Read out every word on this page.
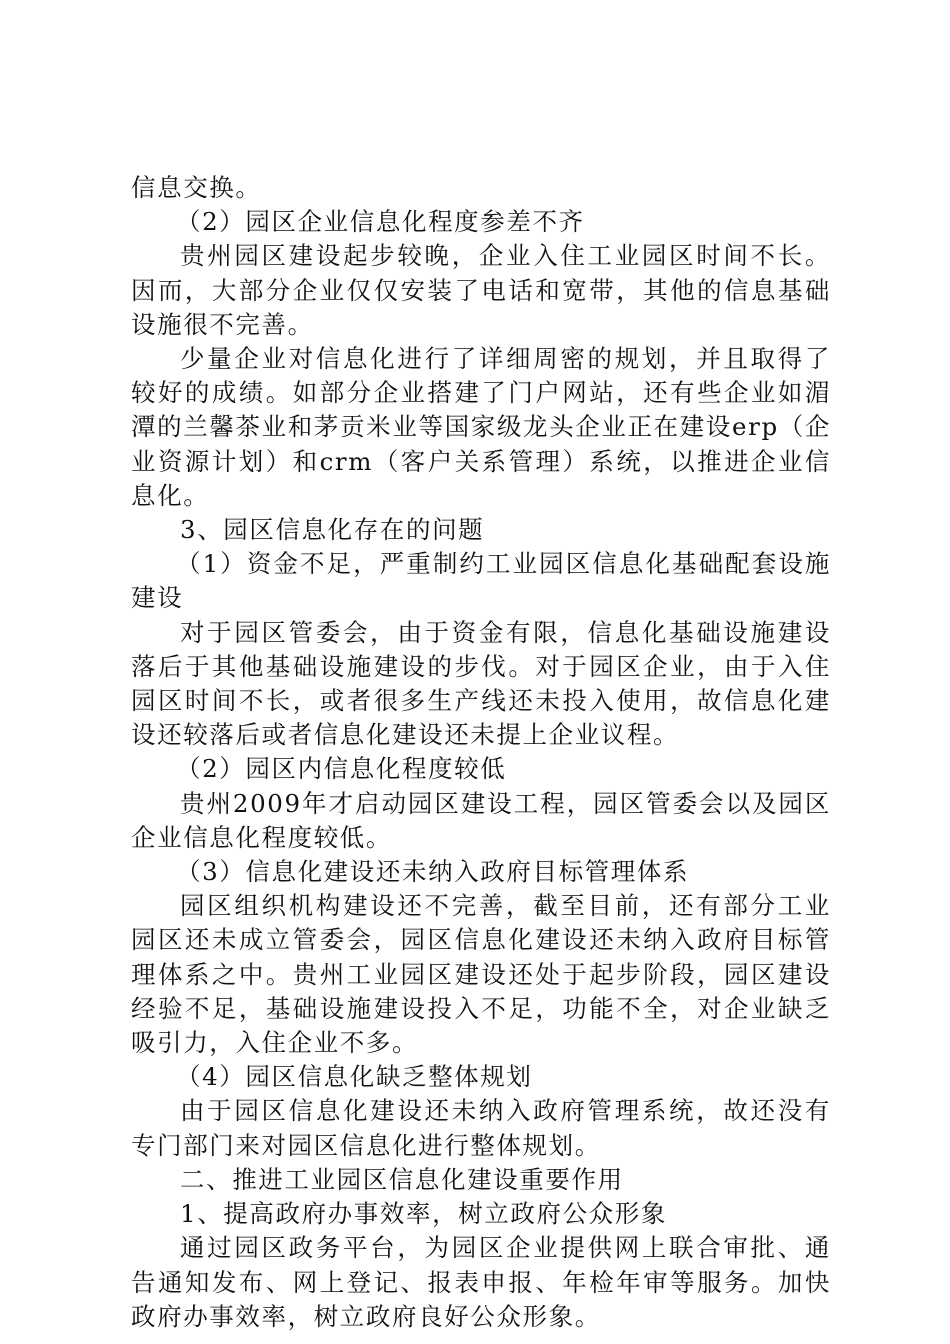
信息交换。

（2）园区企业信息化程度参差不齐

贵州园区建设起步较晚，企业入住工业园区时间不长。因而，大部分企业仅仅安装了电话和宽带，其他的信息基础设施很不完善。

少量企业对信息化进行了详细周密的规划，并且取得了较好的成绩。如部分企业搭建了门户网站，还有些企业如湄潭的兰馨茶业和茅贡米业等国家级龙头企业正在建设erp（企业资源计划）和crm（客户关系管理）系统，以推进企业信息化。

3、园区信息化存在的问题

（1）资金不足，严重制约工业园区信息化基础配套设施建设

对于园区管委会，由于资金有限，信息化基础设施建设落后于其他基础设施建设的步伐。对于园区企业，由于入住园区时间不长，或者很多生产线还未投入使用，故信息化建设还较落后或者信息化建设还未提上企业议程。

（2）园区内信息化程度较低

贵州2009年才启动园区建设工程，园区管委会以及园区企业信息化程度较低。

（3）信息化建设还未纳入政府目标管理体系

园区组织机构建设还不完善，截至目前，还有部分工业园区还未成立管委会，园区信息化建设还未纳入政府目标管理体系之中。贵州工业园区建设还处于起步阶段，园区建设经验不足，基础设施建设投入不足，功能不全，对企业缺乏吸引力，入住企业不多。

（4）园区信息化缺乏整体规划

由于园区信息化建设还未纳入政府管理系统，故还没有专门部门来对园区信息化进行整体规划。

二、推进工业园区信息化建设重要作用

1、提高政府办事效率，树立政府公众形象

通过园区政务平台，为园区企业提供网上联合审批、通告通知发布、网上登记、报表申报、年检年审等服务。加快政府办事效率，树立政府良好公众形象。
